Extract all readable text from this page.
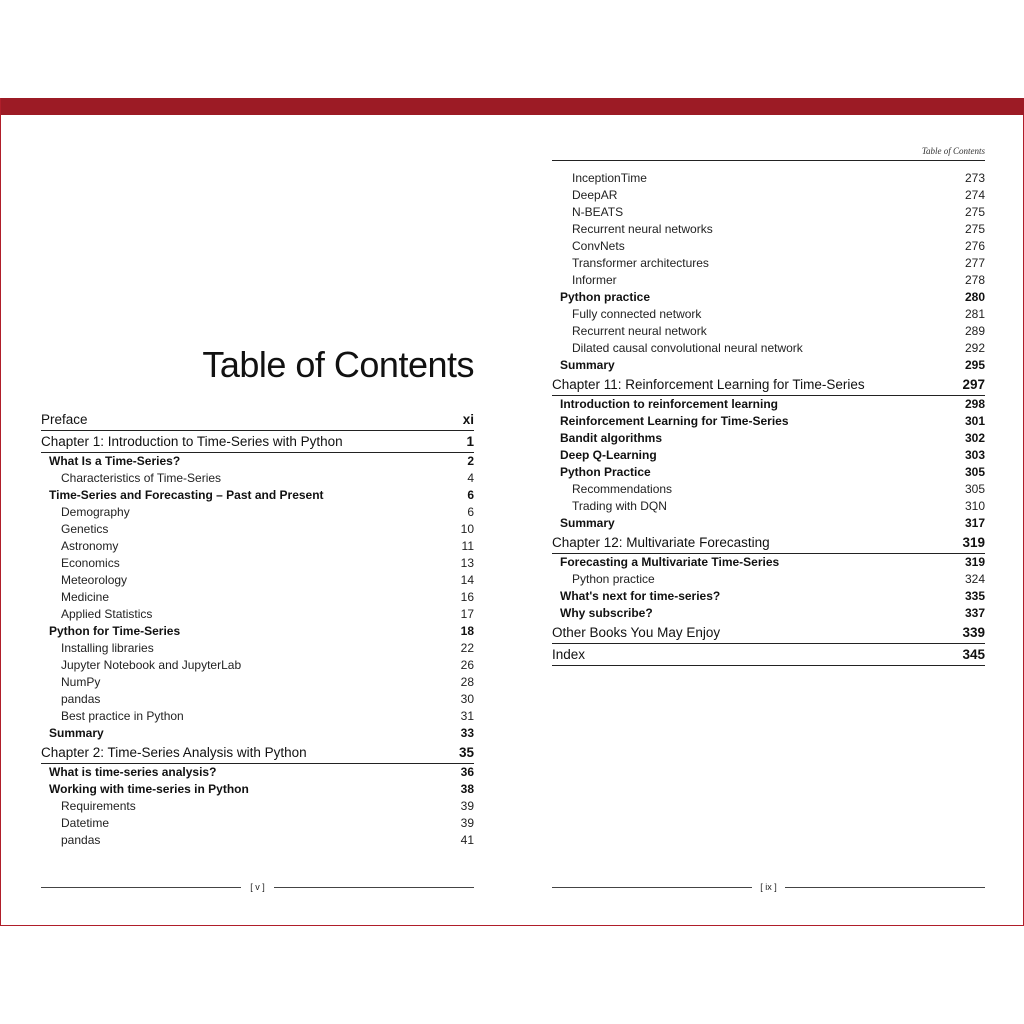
Table of Contents
Preface	xi
Chapter 1: Introduction to Time-Series with Python	1
What Is a Time-Series?	2
Characteristics of Time-Series	4
Time-Series and Forecasting – Past and Present	6
Demography	6
Genetics	10
Astronomy	11
Economics	13
Meteorology	14
Medicine	16
Applied Statistics	17
Python for Time-Series	18
Installing libraries	22
Jupyter Notebook and JupyterLab	26
NumPy	28
pandas	30
Best practice in Python	31
Summary	33
Chapter 2: Time-Series Analysis with Python	35
What is time-series analysis?	36
Working with time-series in Python	38
Requirements	39
Datetime	39
pandas	41
[ v ]
Table of Contents
InceptionTime	273
DeepAR	274
N-BEATS	275
Recurrent neural networks	275
ConvNets	276
Transformer architectures	277
Informer	278
Python practice	280
Fully connected network	281
Recurrent neural network	289
Dilated causal convolutional neural network	292
Summary	295
Chapter 11: Reinforcement Learning for Time-Series	297
Introduction to reinforcement learning	298
Reinforcement Learning for Time-Series	301
Bandit algorithms	302
Deep Q-Learning	303
Python Practice	305
Recommendations	305
Trading with DQN	310
Summary	317
Chapter 12: Multivariate Forecasting	319
Forecasting a Multivariate Time-Series	319
Python practice	324
What's next for time-series?	335
Why subscribe?	337
Other Books You May Enjoy	339
Index	345
[ ix ]
